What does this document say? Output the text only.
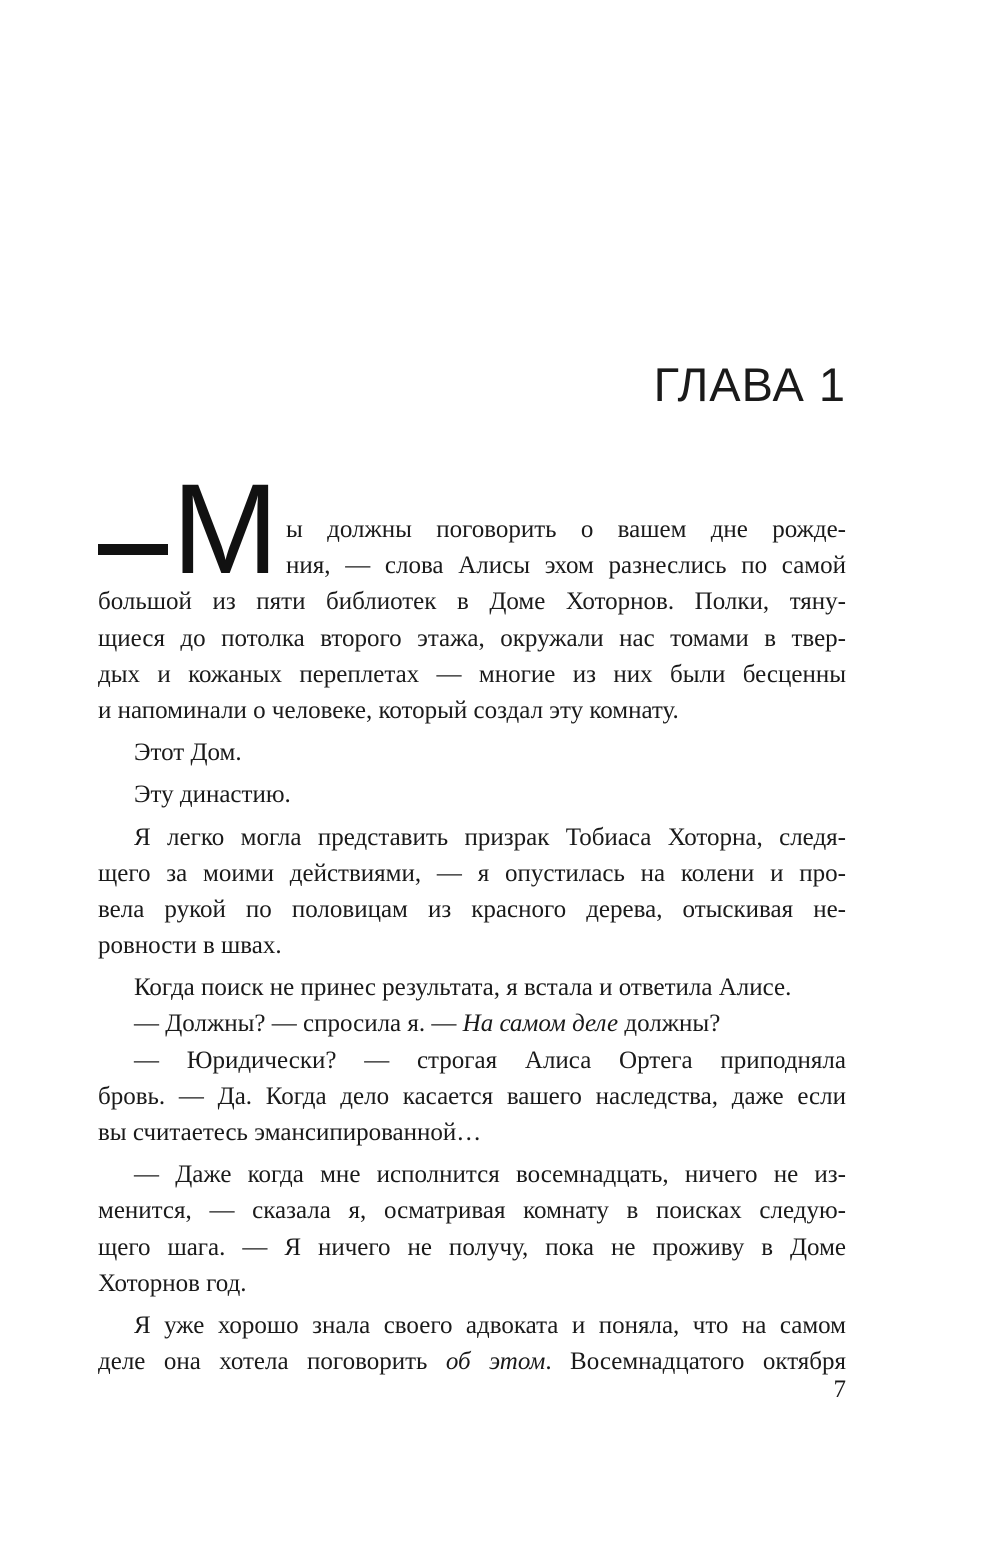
ГЛАВА 1
М ы должны поговорить о вашем дне рожде-
ния, — слова Алисы эхом разнеслись по самой
большой из пяти библиотек в Доме Хоторнов. Полки, тяну-
щиеся до потолка второго этажа, окружали нас томами в твер-
дых и кожаных переплетах — многие из них были бесценны
и напоминали о человеке, который создал эту комнату.
Этот Дом.
Эту династию.
Я легко могла представить призрак Тобиаса Хоторна, следя-
щего за моими действиями, — я опустилась на колени и про-
вела рукой по половицам из красного дерева, отыскивая не-
ровности в швах.
Когда поиск не принес результата, я встала и ответила Алисе.
— Должны? — спросила я. — На самом деле должны?
— Юридически? — строгая Алиса Ортега приподняла
бровь. — Да. Когда дело касается вашего наследства, даже если
вы считаетесь эмансипированной…
— Даже когда мне исполнится восемнадцать, ничего не из-
менится, — сказала я, осматривая комнату в поисках следую-
щего шага. — Я ничего не получу, пока не проживу в Доме
Хоторнов год.
Я уже хорошо знала своего адвоката и поняла, что на самом
деле она хотела поговорить об этом. Восемнадцатого октября
7
